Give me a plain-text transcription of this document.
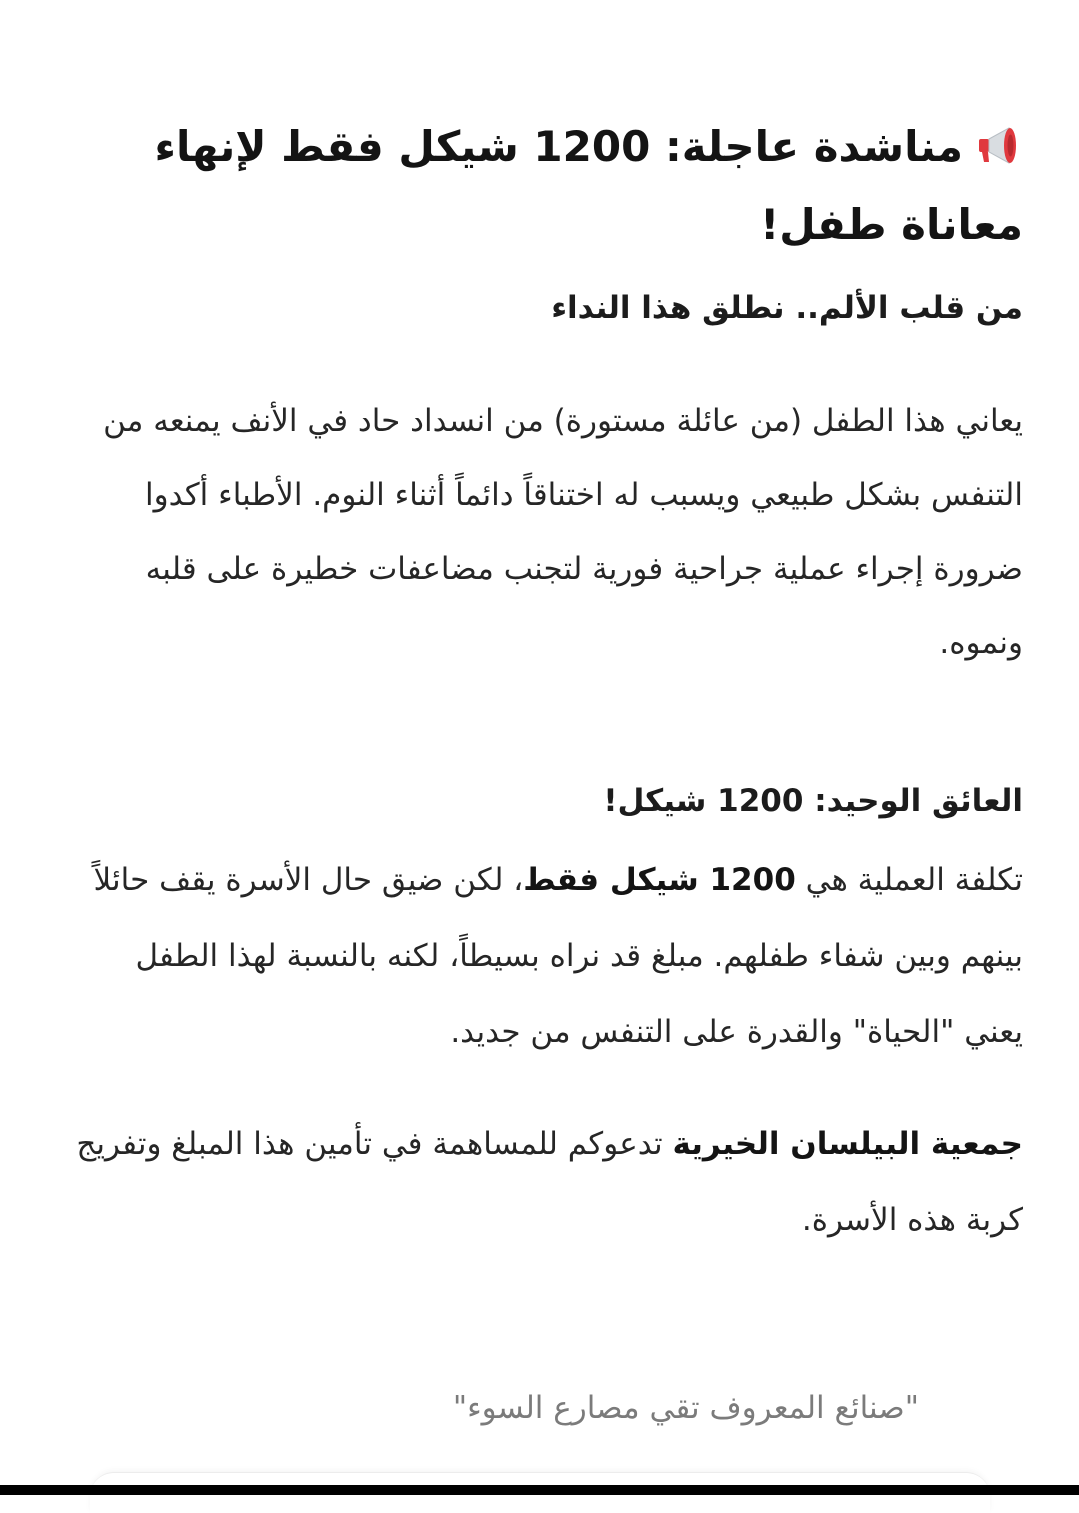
مناشدة عاجلة: 1200 شيكل فقط لإنهاء معاناة طفل!

من قلب الألم.. نطلق هذا النداء

يعاني هذا الطفل (من عائلة مستورة) من انسداد حاد في الأنف يمنعه من التنفس بشكل طبيعي ويسبب له اختناقاً دائماً أثناء النوم. الأطباء أكدوا ضرورة إجراء عملية جراحية فورية لتجنب مضاعفات خطيرة على قلبه ونموه.

العائق الوحيد: 1200 شيكل!

تكلفة العملية هي 1200 شيكل فقط، لكن ضيق حال الأسرة يقف حائلاً بينهم وبين شفاء طفلهم. مبلغ قد نراه بسيطاً، لكنه بالنسبة لهذا الطفل يعني "الحياة" والقدرة على التنفس من جديد.

جمعية البيلسان الخيرية تدعوكم للمساهمة في تأمين هذا المبلغ وتفريج كربة هذه الأسرة.

"صنائع المعروف تقي مصارع السوء"
